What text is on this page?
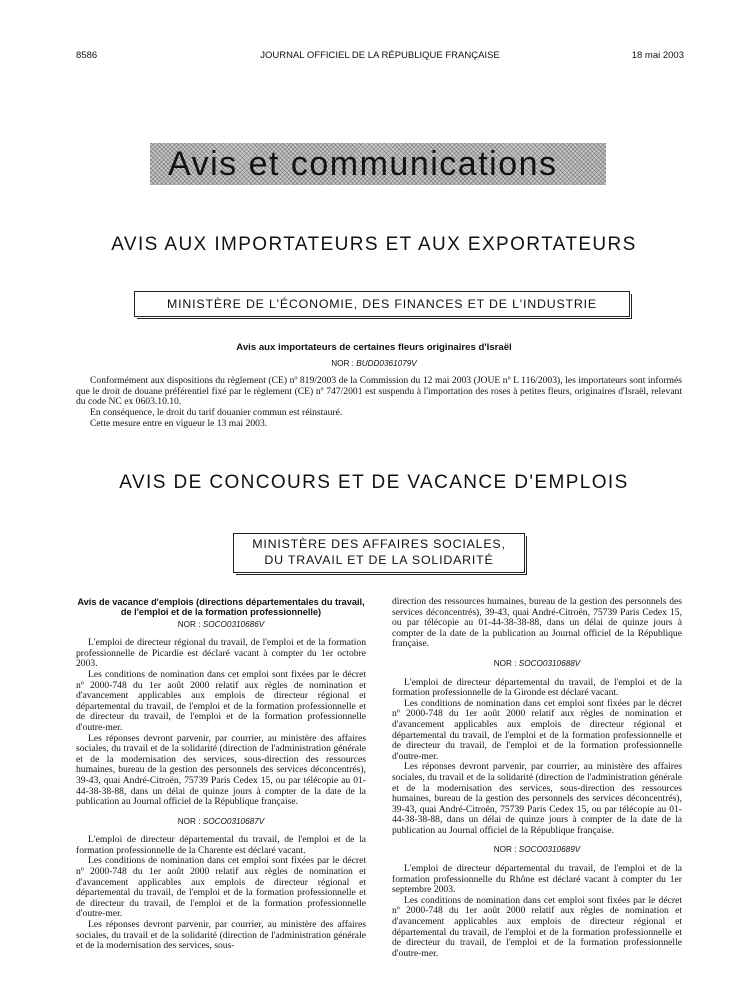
8586	JOURNAL OFFICIEL DE LA RÉPUBLIQUE FRANÇAISE	18 mai 2003
Avis et communications
AVIS AUX IMPORTATEURS ET AUX EXPORTATEURS
MINISTÈRE DE L'ÉCONOMIE, DES FINANCES ET DE L'INDUSTRIE
Avis aux importateurs de certaines fleurs originaires d'Israël
NOR : BUDD0361079V

Conformément aux dispositions du règlement (CE) nº 819/2003 de la Commission du 12 mai 2003 (JOUE nº L 116/2003), les importateurs sont informés que le droit de douane préférentiel fixé par le règlement (CE) nº 747/2001 est suspendu à l'importation des roses à petites fleurs, originaires d'Israël, relevant du code NC ex 0603.10.10.

En conséquence, le droit du tarif douanier commun est réinstauré.

Cette mesure entre en vigueur le 13 mai 2003.

AVIS DE CONCOURS ET DE VACANCE D'EMPLOIS
MINISTÈRE DES AFFAIRES SOCIALES,
DU TRAVAIL ET DE LA SOLIDARITÉ

Avis de vacance d'emplois (directions départementales du travail, de l'emploi et de la formation professionnelle)

NOR : SOCO0310686V

L'emploi de directeur régional du travail, de l'emploi et de la formation professionnelle de Picardie est déclaré vacant à compter du 1er octobre 2003.

Les conditions de nomination dans cet emploi sont fixées par le décret nº 2000-748 du 1er août 2000 relatif aux règles de nomination et d'avancement applicables aux emplois de directeur régional et départemental du travail, de l'emploi et de la formation professionnelle et de directeur du travail, de l'emploi et de la formation professionnelle d'outre-mer.

Les réponses devront parvenir, par courrier, au ministère des affaires sociales, du travail et de la solidarité (direction de l'administration générale et de la modernisation des services, sous-direction des ressources humaines, bureau de la gestion des personnels des services déconcentrés), 39-43, quai André-Citroën, 75739 Paris Cedex 15, ou par télécopie au 01-44-38-38-88, dans un délai de quinze jours à compter de la date de la publication au Journal officiel de la République française.

NOR : SOCO0310687V

L'emploi de directeur départemental du travail, de l'emploi et de la formation professionnelle de la Charente est déclaré vacant.

Les conditions de nomination dans cet emploi sont fixées par le décret nº 2000-748 du 1er août 2000 relatif aux règles de nomination et d'avancement applicables aux emplois de directeur régional et départemental du travail, de l'emploi et de la formation professionnelle et de directeur du travail, de l'emploi et de la formation professionnelle d'outre-mer.

Les réponses devront parvenir, par courrier, au ministère des affaires sociales, du travail et de la solidarité (direction de l'administration générale et de la modernisation des services, sous-

direction des ressources humaines, bureau de la gestion des personnels des services déconcentrés), 39-43, quai André-Citroën, 75739 Paris Cedex 15, ou par télécopie au 01-44-38-38-88, dans un délai de quinze jours à compter de la date de la publication au Journal officiel de la République française.

NOR : SOCO0310688V

L'emploi de directeur départemental du travail, de l'emploi et de la formation professionnelle de la Gironde est déclaré vacant.

Les conditions de nomination dans cet emploi sont fixées par le décret nº 2000-748 du 1er août 2000 relatif aux règles de nomination et d'avancement applicables aux emplois de directeur régional et départemental du travail, de l'emploi et de la formation professionnelle et de directeur du travail, de l'emploi et de la formation professionnelle d'outre-mer.

Les réponses devront parvenir, par courrier, au ministère des affaires sociales, du travail et de la solidarité (direction de l'administration générale et de la modernisation des services, sous-direction des ressources humaines, bureau de la gestion des personnels des services déconcentrés), 39-43, quai André-Citroën, 75739 Paris Cedex 15, ou par télécopie au 01-44-38-38-88, dans un délai de quinze jours à compter de la date de la publication au Journal officiel de la République française.

NOR : SOCO0310689V

L'emploi de directeur départemental du travail, de l'emploi et de la formation professionnelle du Rhône est déclaré vacant à compter du 1er septembre 2003.

Les conditions de nomination dans cet emploi sont fixées par le décret nº 2000-748 du 1er août 2000 relatif aux règles de nomination et d'avancement applicables aux emplois de directeur régional et départemental du travail, de l'emploi et de la formation professionnelle et de directeur du travail, de l'emploi et de la formation professionnelle d'outre-mer.
